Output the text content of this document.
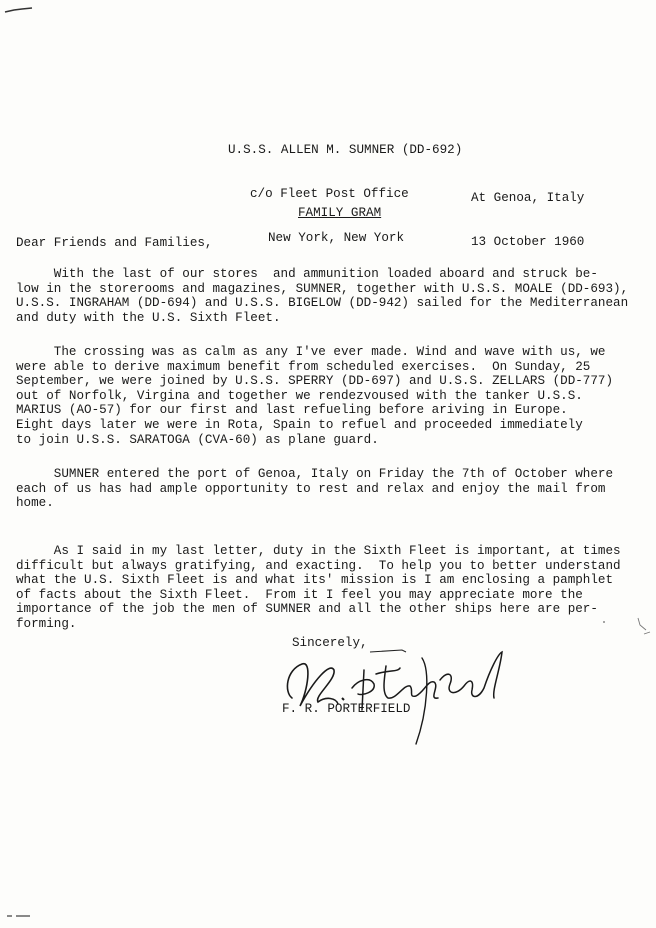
U.S.S. ALLEN M. SUMNER (DD-692)

c/o Fleet Post Office

New York, New York

At Genoa, Italy

13 October 1960

FAMILY GRAM
Dear Friends and Families,
With the last of our stores  and ammunition loaded aboard and struck be-
low in the storerooms and magazines, SUMNER, together with U.S.S. MOALE (DD-693),
U.S.S. INGRAHAM (DD-694) and U.S.S. BIGELOW (DD-942) sailed for the Mediterranean
and duty with the U.S. Sixth Fleet.
The crossing was as calm as any I've ever made. Wind and wave with us, we
were able to derive maximum benefit from scheduled exercises.  On Sunday, 25
September, we were joined by U.S.S. SPERRY (DD-697) and U.S.S. ZELLARS (DD-777)
out of Norfolk, Virgina and together we rendezvoused with the tanker U.S.S.
MARIUS (AO-57) for our first and last refueling before ariving in Europe.
Eight days later we were in Rota, Spain to refuel and proceeded immediately
to join U.S.S. SARATOGA (CVA-60) as plane guard.
SUMNER entered the port of Genoa, Italy on Friday the 7th of October where
each of us has had ample opportunity to rest and relax and enjoy the mail from
home.
As I said in my last letter, duty in the Sixth Fleet is important, at times
difficult but always gratifying, and exacting.  To help you to better understand
what the U.S. Sixth Fleet is and what its' mission is I am enclosing a pamphlet
of facts about the Sixth Fleet.  From it I feel you may appreciate more the
importance of the job the men of SUMNER and all the other ships here are per-
forming.
Sincerely,
F. R. PORTERFIELD
